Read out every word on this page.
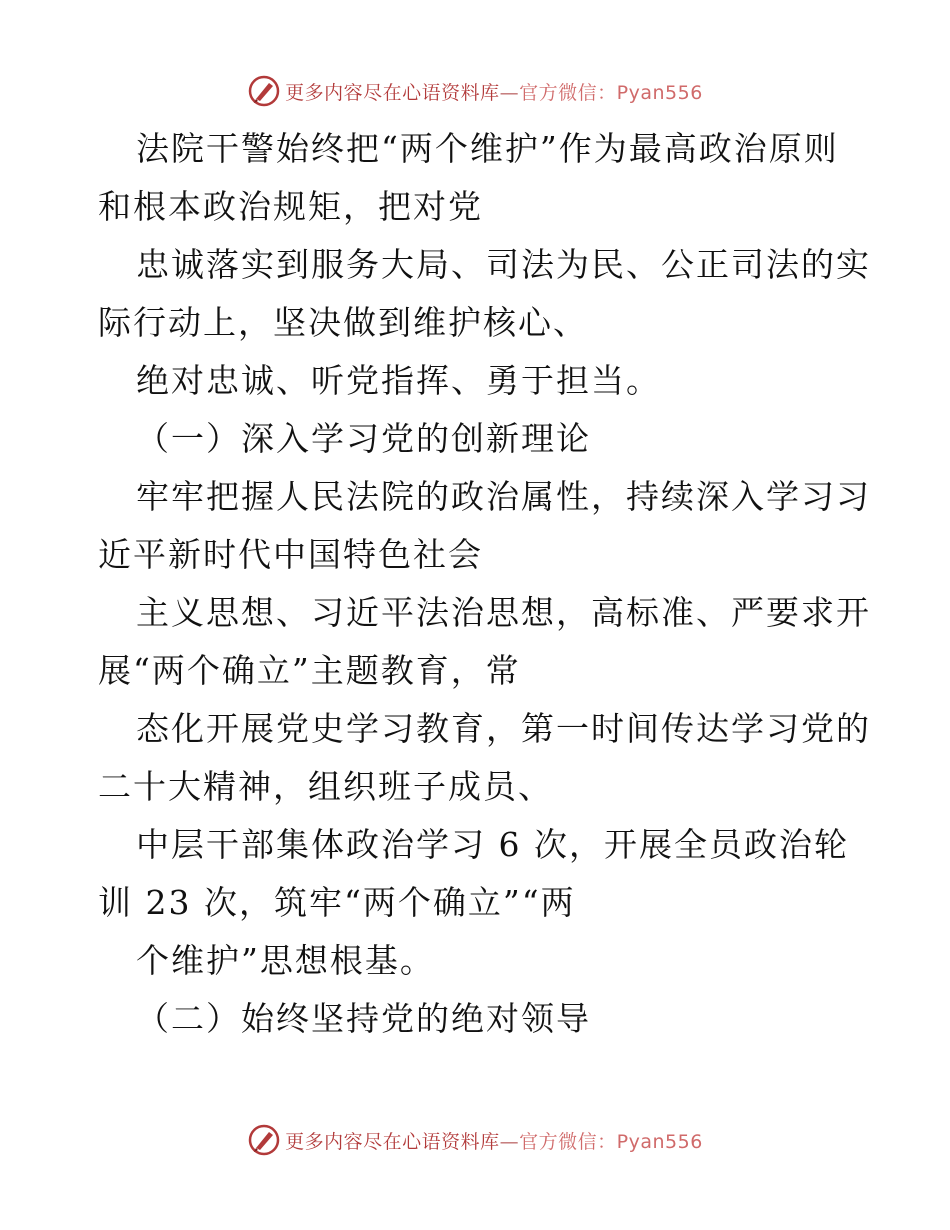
更多内容尽在心语资料库—官方微信：Pyan556
法院干警始终把“两个维护”作为最高政治原则
和根本政治规矩，把对党
忠诚落实到服务大局、司法为民、公正司法的实
际行动上，坚决做到维护核心、
绝对忠诚、听党指挥、勇于担当。
（一）深入学习党的创新理论
牢牢把握人民法院的政治属性，持续深入学习习
近平新时代中国特色社会
主义思想、习近平法治思想，高标准、严要求开
展“两个确立”主题教育，常
态化开展党史学习教育，第一时间传达学习党的
二十大精神，组织班子成员、
中层干部集体政治学习 6 次，开展全员政治轮
训 23 次，筑牢“两个确立”“两
个维护”思想根基。
（二）始终坚持党的绝对领导
更多内容尽在心语资料库—官方微信：Pyan556
